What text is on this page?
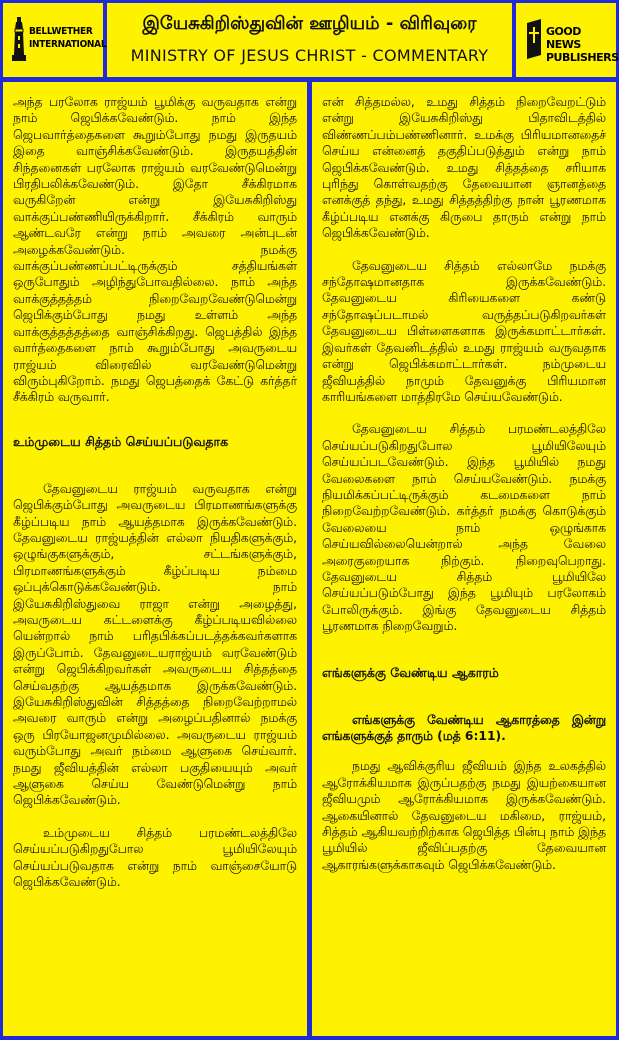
BELLWETHER
INTERNATIONAL
இயேசுகிறிஸ்துவின் ஊழியம் - விரிவுரை
MINISTRY OF JESUS CHRIST - COMMENTARY
GOOD NEWS
PUBLISHERS

அந்த பரலோக ராஜ்யம் பூமிக்கு வருவதாக என்று நாம் ஜெபிக்கவேண்டும். நாம் இந்த ஜெபவார்த்தைகளை கூறும்போது நமது இருதயம் இதை வாஞ்சிக்கவேண்டும். இருதயத்தின் சிந்தனைகள் பரலோக ராஜ்யம் வரவேண்டுமென்று பிரதிபலிக்கவேண்டும். இதோ சீக்கிரமாக வருகிறேன் என்று இயேசுகிறிஸ்து வாக்குப்பண்ணியிருக்கிறார். சீக்கிரம் வாரும் ஆண்டவரே என்று நாம் அவரை அன்புடன் அழைக்கவேண்டும். நமக்கு வாக்குப்பண்ணப்பட்டிருக்கும் சத்தியங்கள் ஒருபோதும் அழிந்துபோவதில்லை. நாம் அந்த வாக்குத்தத்தம் நிறைவேறவேண்டுமென்று ஜெபிக்கும்போது நமது உள்ளம் அந்த வாக்குத்தத்தத்தை வாஞ்சிக்கிறது. ஜெபத்தில் இந்த வார்த்தைகளை நாம் கூறும்போது அவருடைய ராஜ்யம் விரைவில் வரவேண்டுமென்று விரும்புகிறோம். நமது ஜெபத்தைக் கேட்டு கர்த்தர் சீக்கிரம் வருவார்.

உம்முடைய சித்தம் செய்யப்படுவதாக

தேவனுடைய ராஜ்யம் வருவதாக என்று ஜெபிக்கும்போது அவருடைய பிரமாணங்களுக்கு கீழ்ப்படிய நாம் ஆயத்தமாக இருக்கவேண்டும். தேவனுடைய ராஜ்யத்தின் எல்லா நியதிகளுக்கும், ஒழுங்குகளுக்கும், சட்டங்களுக்கும், பிரமாணங்களுக்கும் கீழ்ப்படிய நம்மை ஒப்புக்கொடுக்கவேண்டும். நாம் இயேசுகிறிஸ்துவை ராஜா என்று அழைத்து, அவருடைய கட்டளைக்கு கீழ்ப்படியவில்லை யென்றால் நாம் பரிதபிக்கப்படத்தக்கவர்களாக இருப்போம். தேவனுடையராஜ்யம் வரவேண்டும் என்று ஜெபிக்கிறவர்கள் அவருடைய சித்தத்தை செய்வதற்கு ஆயத்தமாக இருக்கவேண்டும். இயேசுகிறிஸ்துவின் சித்தத்தை நிறைவேற்றாமல் அவரை வாரும் என்று அழைப்பதினால் நமக்கு ஒரு பிரயோஜனமுமில்லை. அவருடைய ராஜ்யம் வரும்போது அவர் நம்மை ஆளுகை செய்வார். நமது ஜீவியத்தின் எல்லா பகுதியையும் அவர் ஆளுகை செய்ய வேண்டுமென்று நாம் ஜெபிக்கவேண்டும்.

உம்முடைய சித்தம் பரமண்டலத்திலே செய்யப்படுகிறதுபோல பூமியிலேயும் செய்யப்படுவதாக என்று நாம் வாஞ்சையோடு ஜெபிக்கவேண்டும்.

என் சித்தமல்ல, உமது சித்தம் நிறைவேறட்டும் என்று இயேசுகிறிஸ்து பிதாவிடத்தில் விண்ணப்பம்பண்ணினார். உமக்கு பிரியமானதைச் செய்ய என்னைத் தகுதிப்படுத்தும் என்று நாம் ஜெபிக்கவேண்டும். உமது சித்தத்தை சரியாக புரிந்து கொள்வதற்கு தேவையான ஞானத்தை எனக்குத் தந்து, உமது சித்தத்திற்கு நான் பூரணமாக கீழ்ப்படிய எனக்கு கிருபை தாரும் என்று நாம் ஜெபிக்கவேண்டும்.

தேவனுடைய சித்தம் எல்லாமே நமக்கு சந்தோஷமானதாக இருக்கவேண்டும். தேவனுடைய கிரியைகளை கண்டு சந்தோஷப்படாமல் வருத்தப்படுகிறவர்கள் தேவனுடைய பிள்ளைகளாக இருக்கமாட்டார்கள். இவர்கள் தேவனிடத்தில் உமது ராஜ்யம் வருவதாக என்று ஜெபிக்கமாட்டார்கள். நம்முடைய ஜீவியத்தில் நாமும் தேவனுக்கு பிரியமான காரியங்களை மாத்திரமே செய்யவேண்டும்.

தேவனுடைய சித்தம் பரமண்டலத்திலே செய்யப்படுகிறதுபோல பூமியிலேயும் செய்யப்படவேண்டும். இந்த பூமியில் நமது வேலைகளை நாம் செய்யவேண்டும். நமக்கு நியமிக்கப்பட்டிருக்கும் கடமைகளை நாம் நிறைவேற்றவேண்டும். கர்த்தர் நமக்கு கொடுக்கும் வேலையை நாம் ஒழுங்காக செய்யவில்லையென்றால் அந்த வேலை அரைகுறையாக நிற்கும். நிறைவுபெறாது. தேவனுடைய சித்தம் பூமியிலே செய்யப்படும்போது இந்த பூமியும் பரலோகம் போலிருக்கும். இங்கு தேவனுடைய சித்தம் பூரணமாக நிறைவேறும்.

எங்களுக்கு வேண்டிய ஆகாரம்

எங்களுக்கு வேண்டிய ஆகாரத்தை இன்று எங்களுக்குத் தாரும் (மத் 6:11).

நமது ஆவிக்குரிய ஜீவியம் இந்த உலகத்தில் ஆரோக்கியமாக இருப்பதற்கு நமது இயற்கையான ஜீவியமும் ஆரோக்கியமாக இருக்கவேண்டும். ஆகையினால் தேவனுடைய மகிமை, ராஜ்யம், சித்தம் ஆகியவற்றிற்காக ஜெபித்த பின்பு நாம் இந்த பூமியில் ஜீவிப்பதற்கு தேவையான ஆகாரங்களுக்காகவும் ஜெபிக்கவேண்டும்.
